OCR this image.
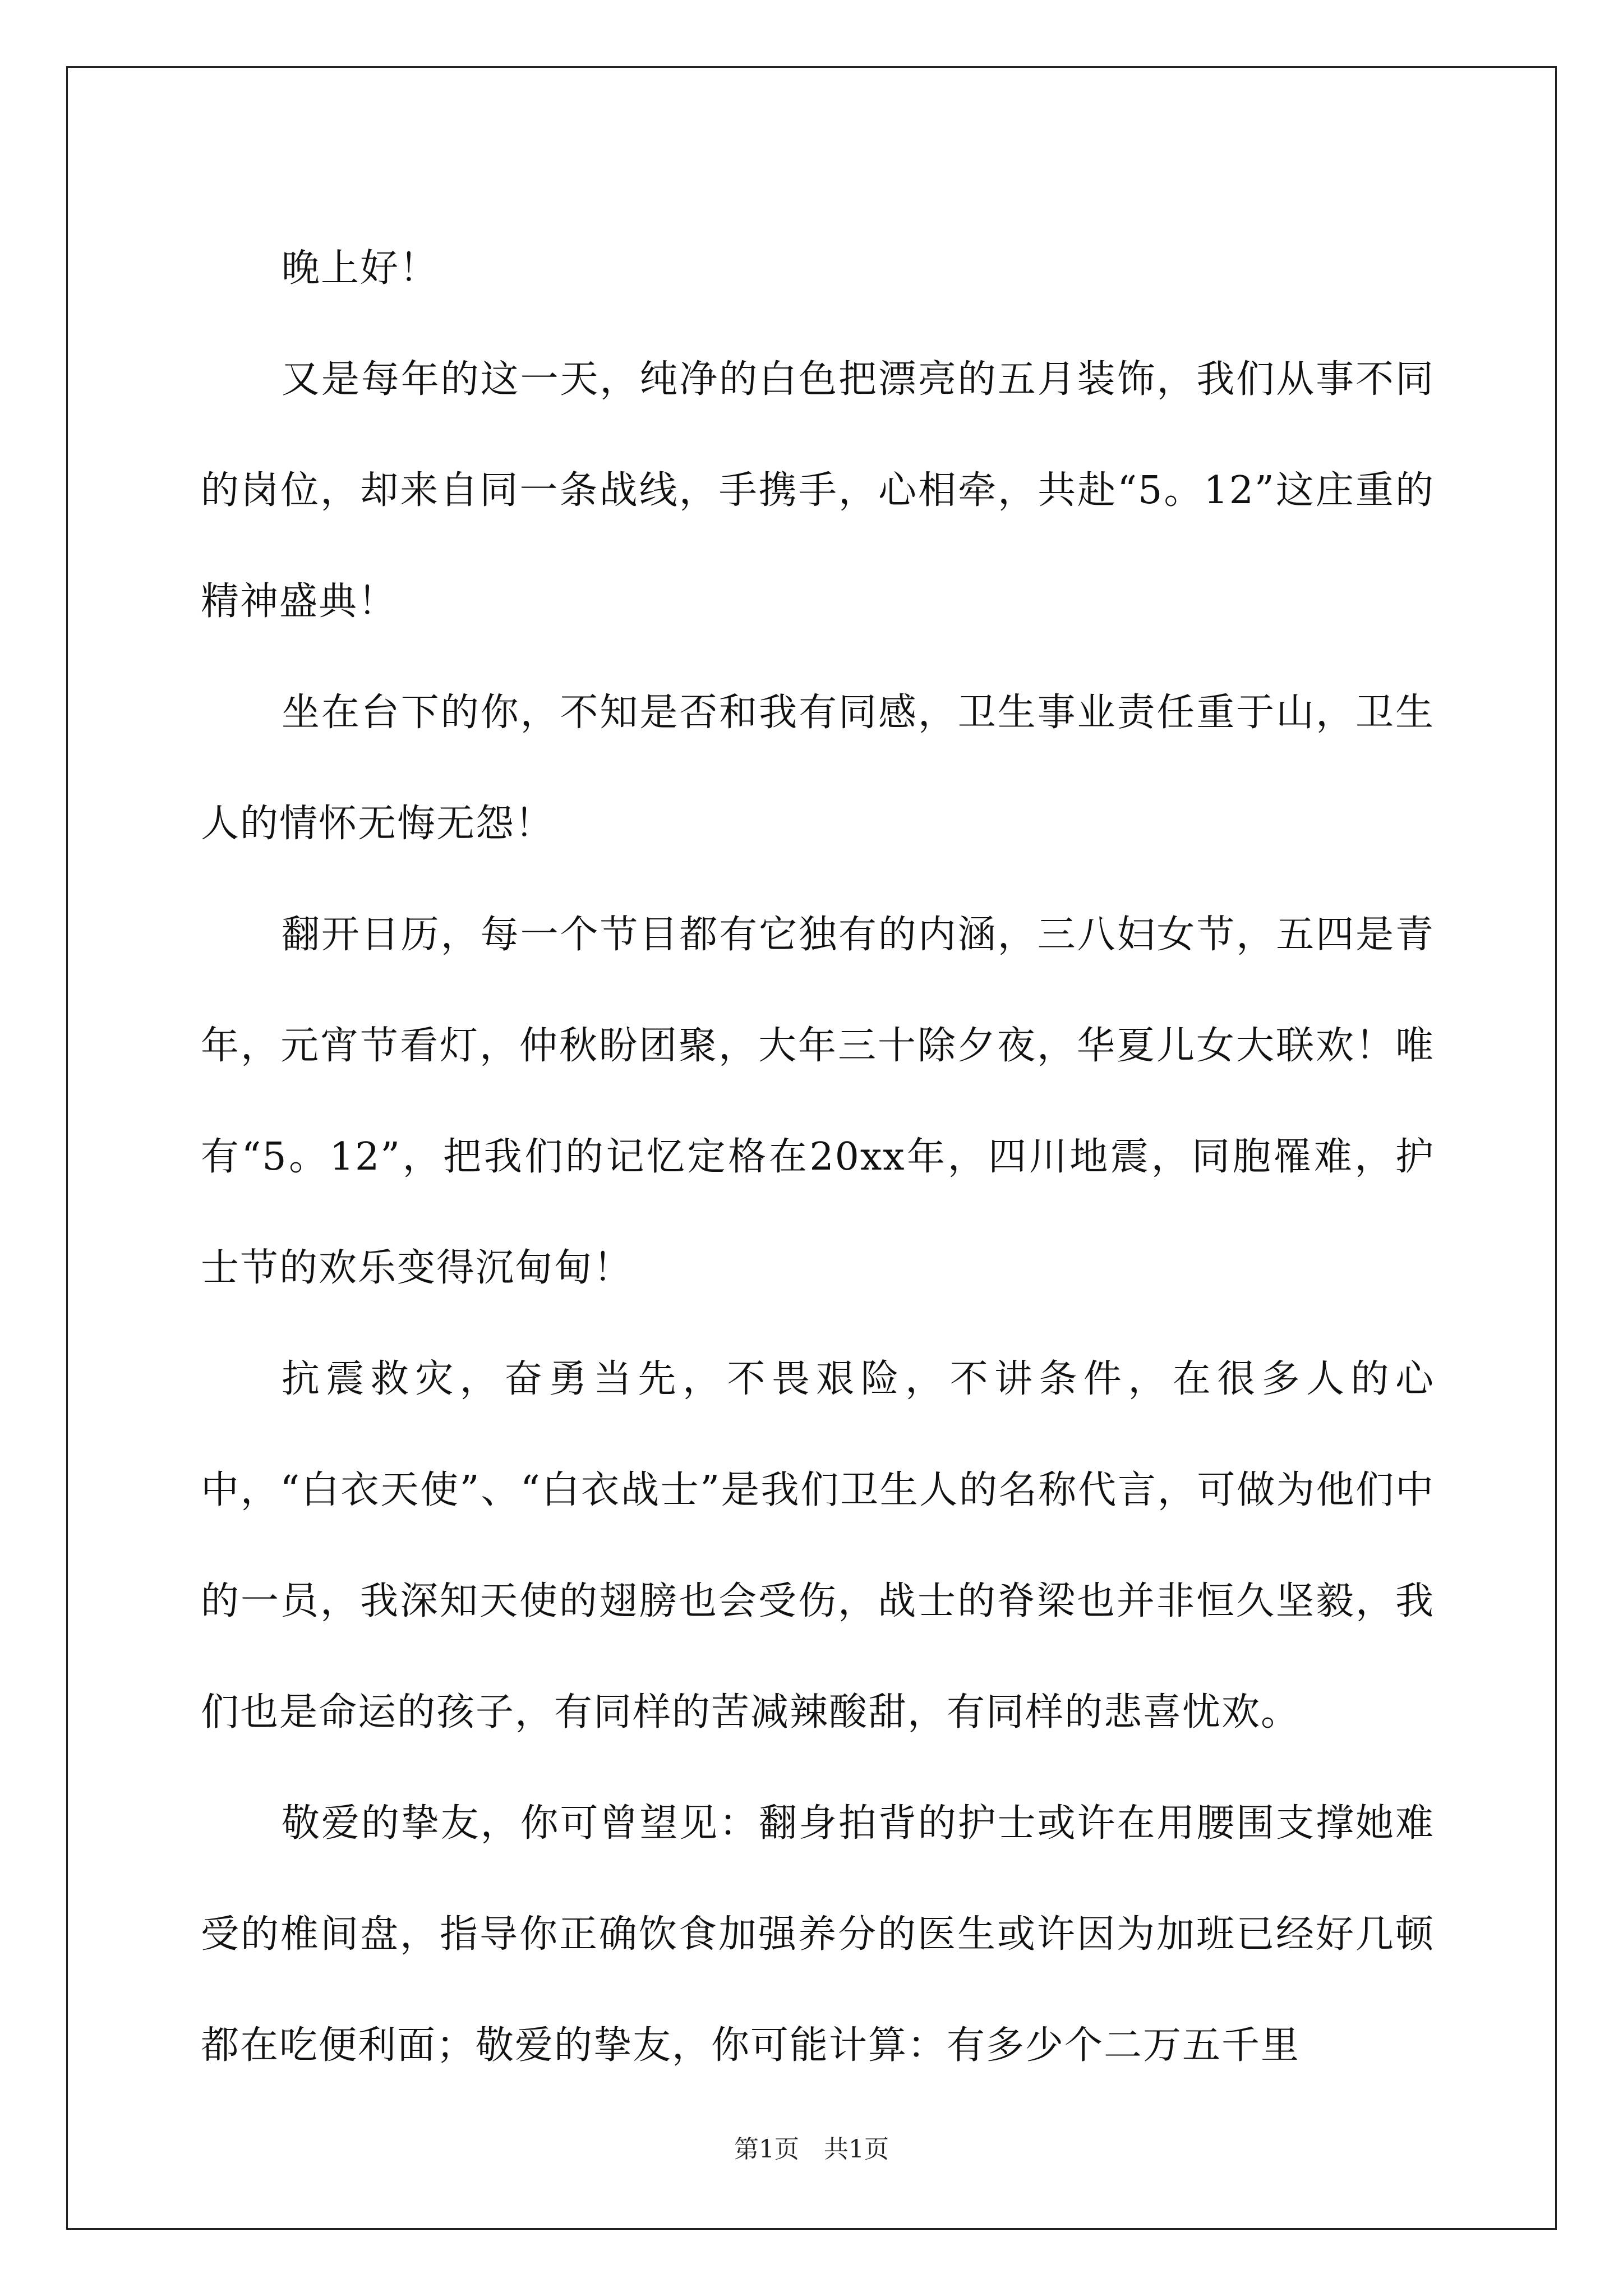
晚上好！

又是每年的这一天，纯净的白色把漂亮的五月装饰，我们从事不同的岗位，却来自同一条战线，手携手，心相牵，共赴“5。12”这庄重的精神盛典！

坐在台下的你，不知是否和我有同感，卫生事业责任重于山，卫生人的情怀无悔无怨！

翻开日历，每一个节目都有它独有的内涵，三八妇女节，五四是青年，元宵节看灯，仲秋盼团聚，大年三十除夕夜，华夏儿女大联欢！唯有“5。12”，把我们的记忆定格在20xx年，四川地震，同胞罹难，护士节的欢乐变得沉甸甸！

抗震救灾，奋勇当先，不畏艰险，不讲条件，在很多人的心中，“白衣天使”、“白衣战士”是我们卫生人的名称代言，可做为他们中的一员，我深知天使的翅膀也会受伤，战士的脊梁也并非恒久坚毅，我们也是命运的孩子，有同样的苦减辣酸甜，有同样的悲喜忧欢。

敬爱的挚友，你可曾望见：翻身拍背的护士或许在用腰围支撑她难受的椎间盘，指导你正确饮食加强养分的医生或许因为加班已经好几顿都在吃便利面；敬爱的挚友，你可能计算：有多少个二万五千里

第1页　共1页
